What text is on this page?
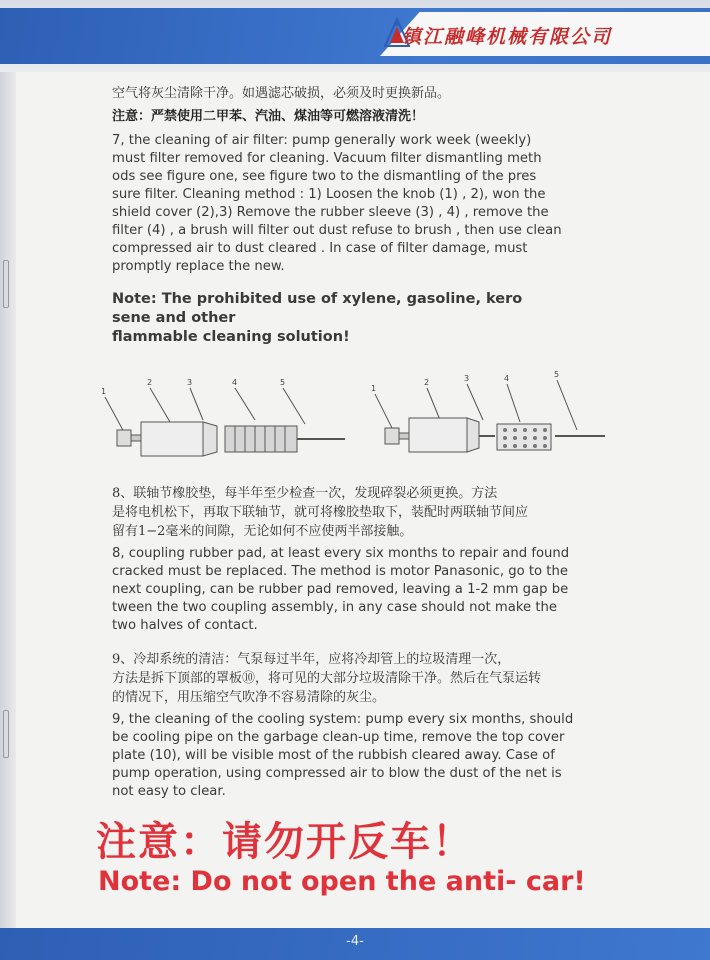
镇江融峰机械有限公司

空气将灰尘清除干净。如遇滤芯破损，必须及时更换新品。

注意：严禁使用二甲苯、汽油、煤油等可燃溶液清洗！

7, the cleaning of air filter: pump generally work week (weekly)

must filter removed for cleaning. Vacuum filter dismantling meth

ods see figure one, see figure two to the dismantling of the pres

sure filter. Cleaning method : 1) Loosen the knob (1) , 2), won the

shield cover (2),3) Remove the rubber sleeve (3) , 4) , remove the

filter (4) , a brush will filter out dust refuse to brush , then use clean

compressed air to dust cleared . In case of filter damage, must

promptly replace the new.

Note: The prohibited use of xylene, gasoline, kero

sene and other

flammable cleaning solution!

1
2	3	4	5
1
2	3	4	5

8、联轴节橡胶垫，每半年至少检查一次，发现碎裂必须更换。方法

是将电机松下，再取下联轴节，就可将橡胶垫取下，装配时两联轴节间应

留有1−2毫米的间隙，无论如何不应使两半部接触。

8, coupling rubber pad, at least every six months to repair and found

cracked must be replaced. The method is motor Panasonic, go to the

next coupling, can be rubber pad removed, leaving a 1-2 mm gap be

tween the two coupling assembly, in any case should not make the

two halves of contact.

9、冷却系统的清洁：气泵每过半年，应将冷却管上的垃圾清理一次，

方法是拆下顶部的罩板⑩，将可见的大部分垃圾清除干净。然后在气泵运转

的情况下，用压缩空气吹净不容易清除的灰尘。

9, the cleaning of the cooling system: pump every six months, should

be cooling pipe on the garbage clean-up time, remove the top cover

plate (10), will be visible most of the rubbish cleared away. Case of

pump operation, using compressed air to blow the dust of the net is

not easy to clear.

注意：请勿开反车！

Note: Do not open the anti- car!

-4-
